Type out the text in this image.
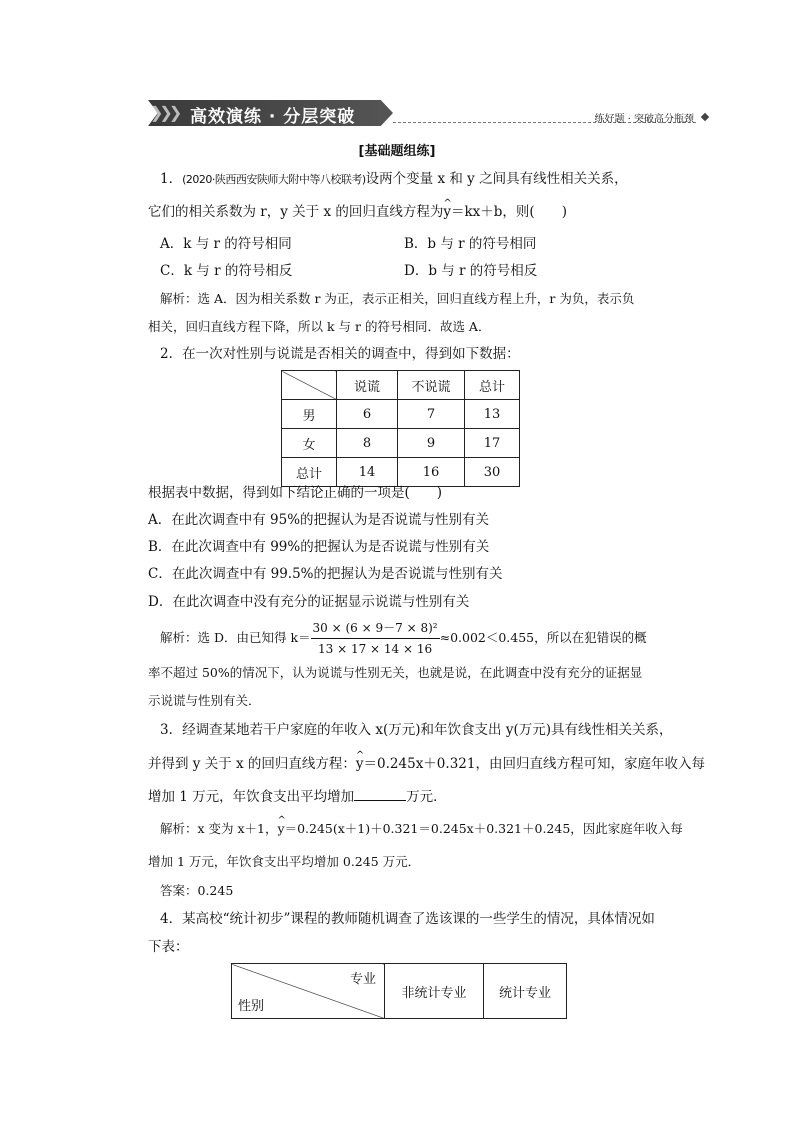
❯❯❯ 高效演练 · 分层突破	练好题 · 突破高分瓶颈
[基础题组练]
1．(2020·陕西西安陕师大附中等八校联考)设两个变量 x 和 y 之间具有线性相关关系，
它们的相关系数为 r，y 关于 x 的回归直线方程为^ y＝kx＋b，则(　　)
A．k 与 r 的符号相同	B．b 与 r 的符号相同
C．k 与 r 的符号相反	D．b 与 r 的符号相反
解析：选 A．因为相关系数 r 为正，表示正相关，回归直线方程上升，r 为负，表示负
相关，回归直线方程下降，所以 k 与 r 的符号相同．故选 A．
2．在一次对性别与说谎是否相关的调查中，得到如下数据：
	说谎	不说谎	总计
男	6	7	13
女	8	9	17
总计	14	16	30
根据表中数据，得到如下结论正确的一项是(　　)
A．在此次调查中有 95%的把握认为是否说谎与性别有关
B．在此次调查中有 99%的把握认为是否说谎与性别有关
C．在此次调查中有 99.5%的把握认为是否说谎与性别有关
D．在此次调查中没有充分的证据显示说谎与性别有关
解析：选 D．由已知得 $k= \frac{\text{30 × (6 × 9－7 × 8)²}}{13 \times 17 \times 14 \times 16} \approx 0.002<0.455$，所以在犯错误的概
率不超过 50%的情况下，认为说谎与性别无关，也就是说，在此调查中没有充分的证据显
示说谎与性别有关．
3．经调查某地若干户家庭的年收入 x(万元)和年饮食支出 y(万元)具有线性相关关系，
并得到 y 关于 x 的回归直线方程：^ y＝0.245x＋0.321，由回归直线方程可知，家庭年收入每
增加 1 万元，年饮食支出平均增加	万元．
解析：x 变为 x＋1，^ y＝0.245(x＋1)＋0.321＝0.245x＋0.321＋0.245，因此家庭年收入每
增加 1 万元，年饮食支出平均增加 0.245 万元．
答案：0.245
4．某高校“统计初步”课程的教师随机调查了选该课的一些学生的情况，具体情况如
下表：
专业
性别
	非统计专业	统计专业
